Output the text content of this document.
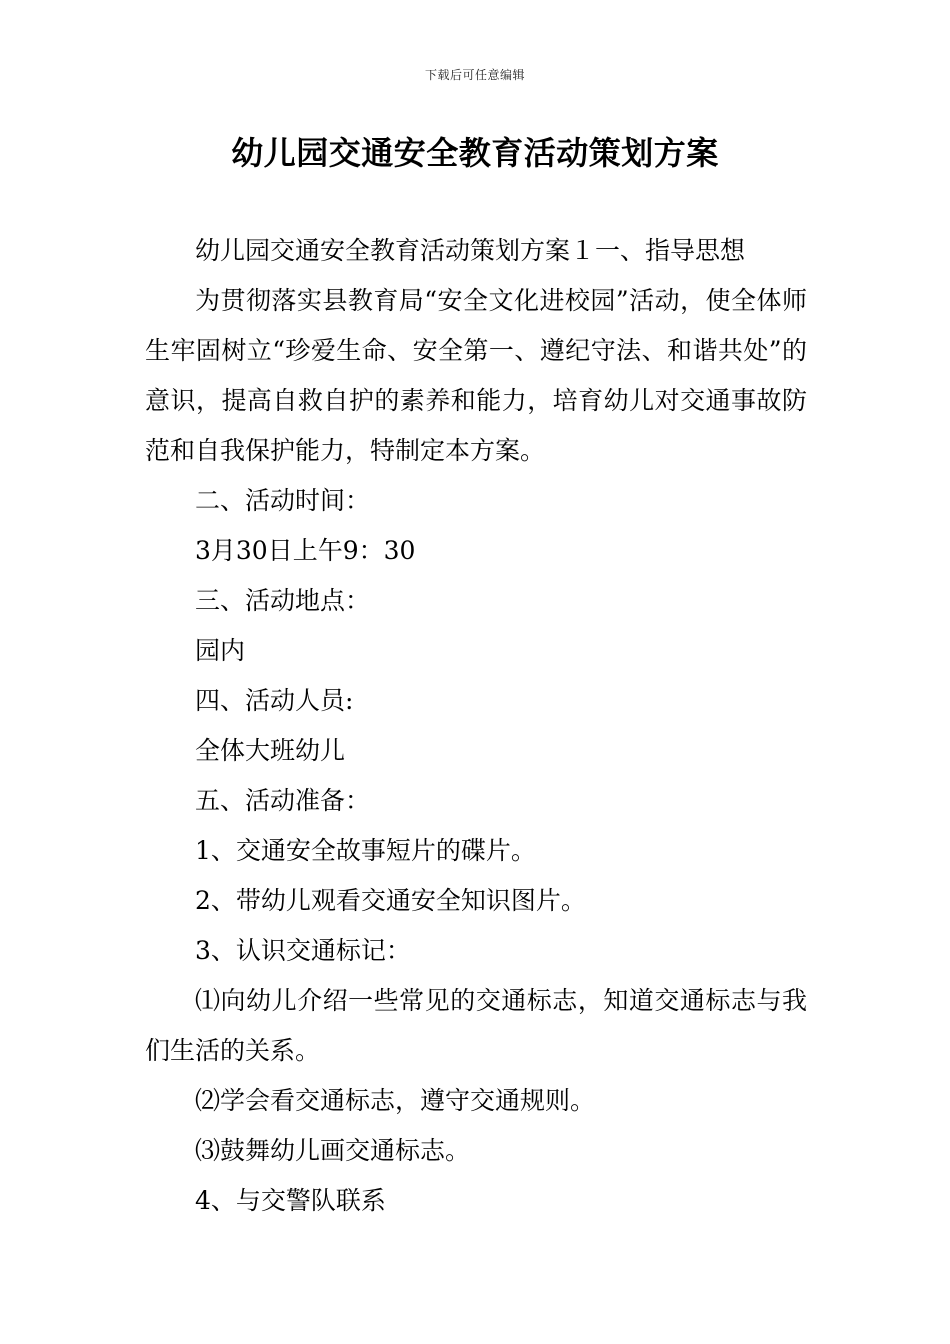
下载后可任意编辑
幼儿园交通安全教育活动策划方案

幼儿园交通安全教育活动策划方案１一、指导思想

为贯彻落实县教育局“安全文化进校园”活动，使全体师生牢固树立“珍爱生命、安全第一、遵纪守法、和谐共处”的意识，提高自救自护的素养和能力，培育幼儿对交通事故防范和自我保护能力，特制定本方案。

二、活动时间：

3月30日上午9：30

三、活动地点：

园内

四、活动人员:

全体大班幼儿

五、活动准备：

1、交通安全故事短片的碟片。

2、带幼儿观看交通安全知识图片。

3、认识交通标记：

⑴向幼儿介绍一些常见的交通标志，知道交通标志与我们生活的关系。

⑵学会看交通标志，遵守交通规则。

⑶鼓舞幼儿画交通标志。

4、与交警队联系
